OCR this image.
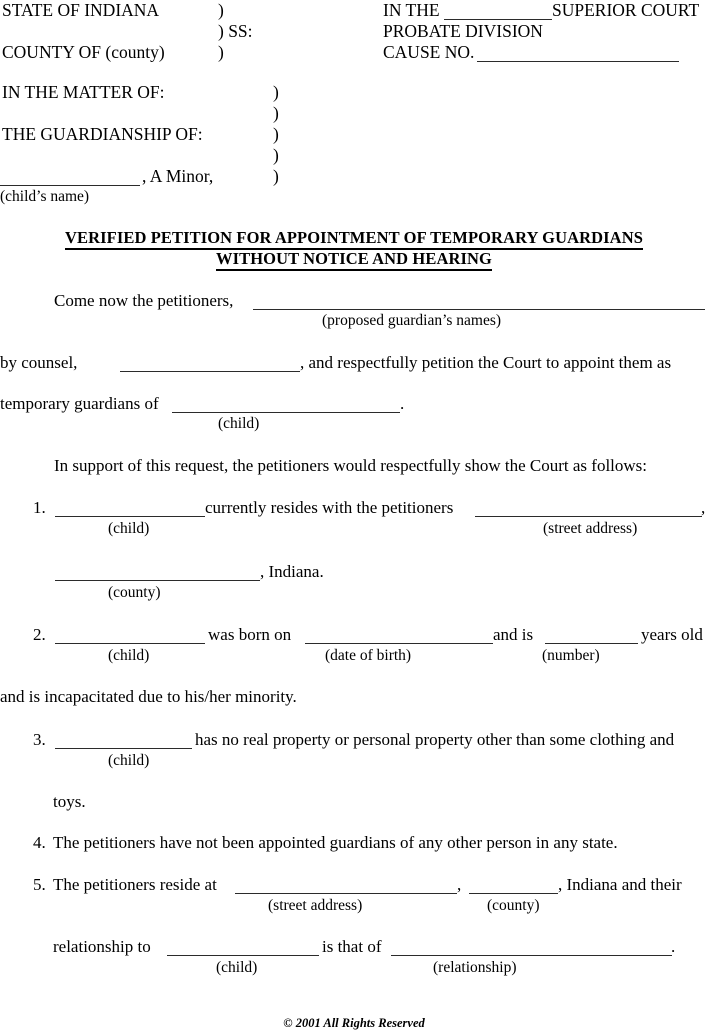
STATE OF INDIANA	)
) SS:
COUNTY OF (county)	)
IN THE	SUPERIOR COURT
PROBATE DIVISION
CAUSE NO.
IN THE MATTER OF:	)
)
THE GUARDIANSHIP OF:	)
)
, A Minor,	)
(child’s name)
VERIFIED PETITION FOR APPOINTMENT OF TEMPORARY GUARDIANS
WITHOUT NOTICE AND HEARING
Come now the petitioners,
(proposed guardian’s names)
by counsel,	, and respectfully petition the Court to appoint them as
temporary guardians of	.
(child)
In support of this request, the petitioners would respectfully show the Court as follows:
1.	currently resides with the petitioners	,
(child)	(street address)
, Indiana.
(county)
2.	was born on	and is	years old
(child)	(date of birth)	(number)
and is incapacitated due to his/her minority.
3.	has no real property or personal property other than some clothing and
(child)
toys.
4. The petitioners have not been appointed guardians of any other person in any state.
5. The petitioners reside at	,	, Indiana and their
(street address)	(county)
relationship to	is that of	.
(child)	(relationship)
© 2001 All Rights Reserved
